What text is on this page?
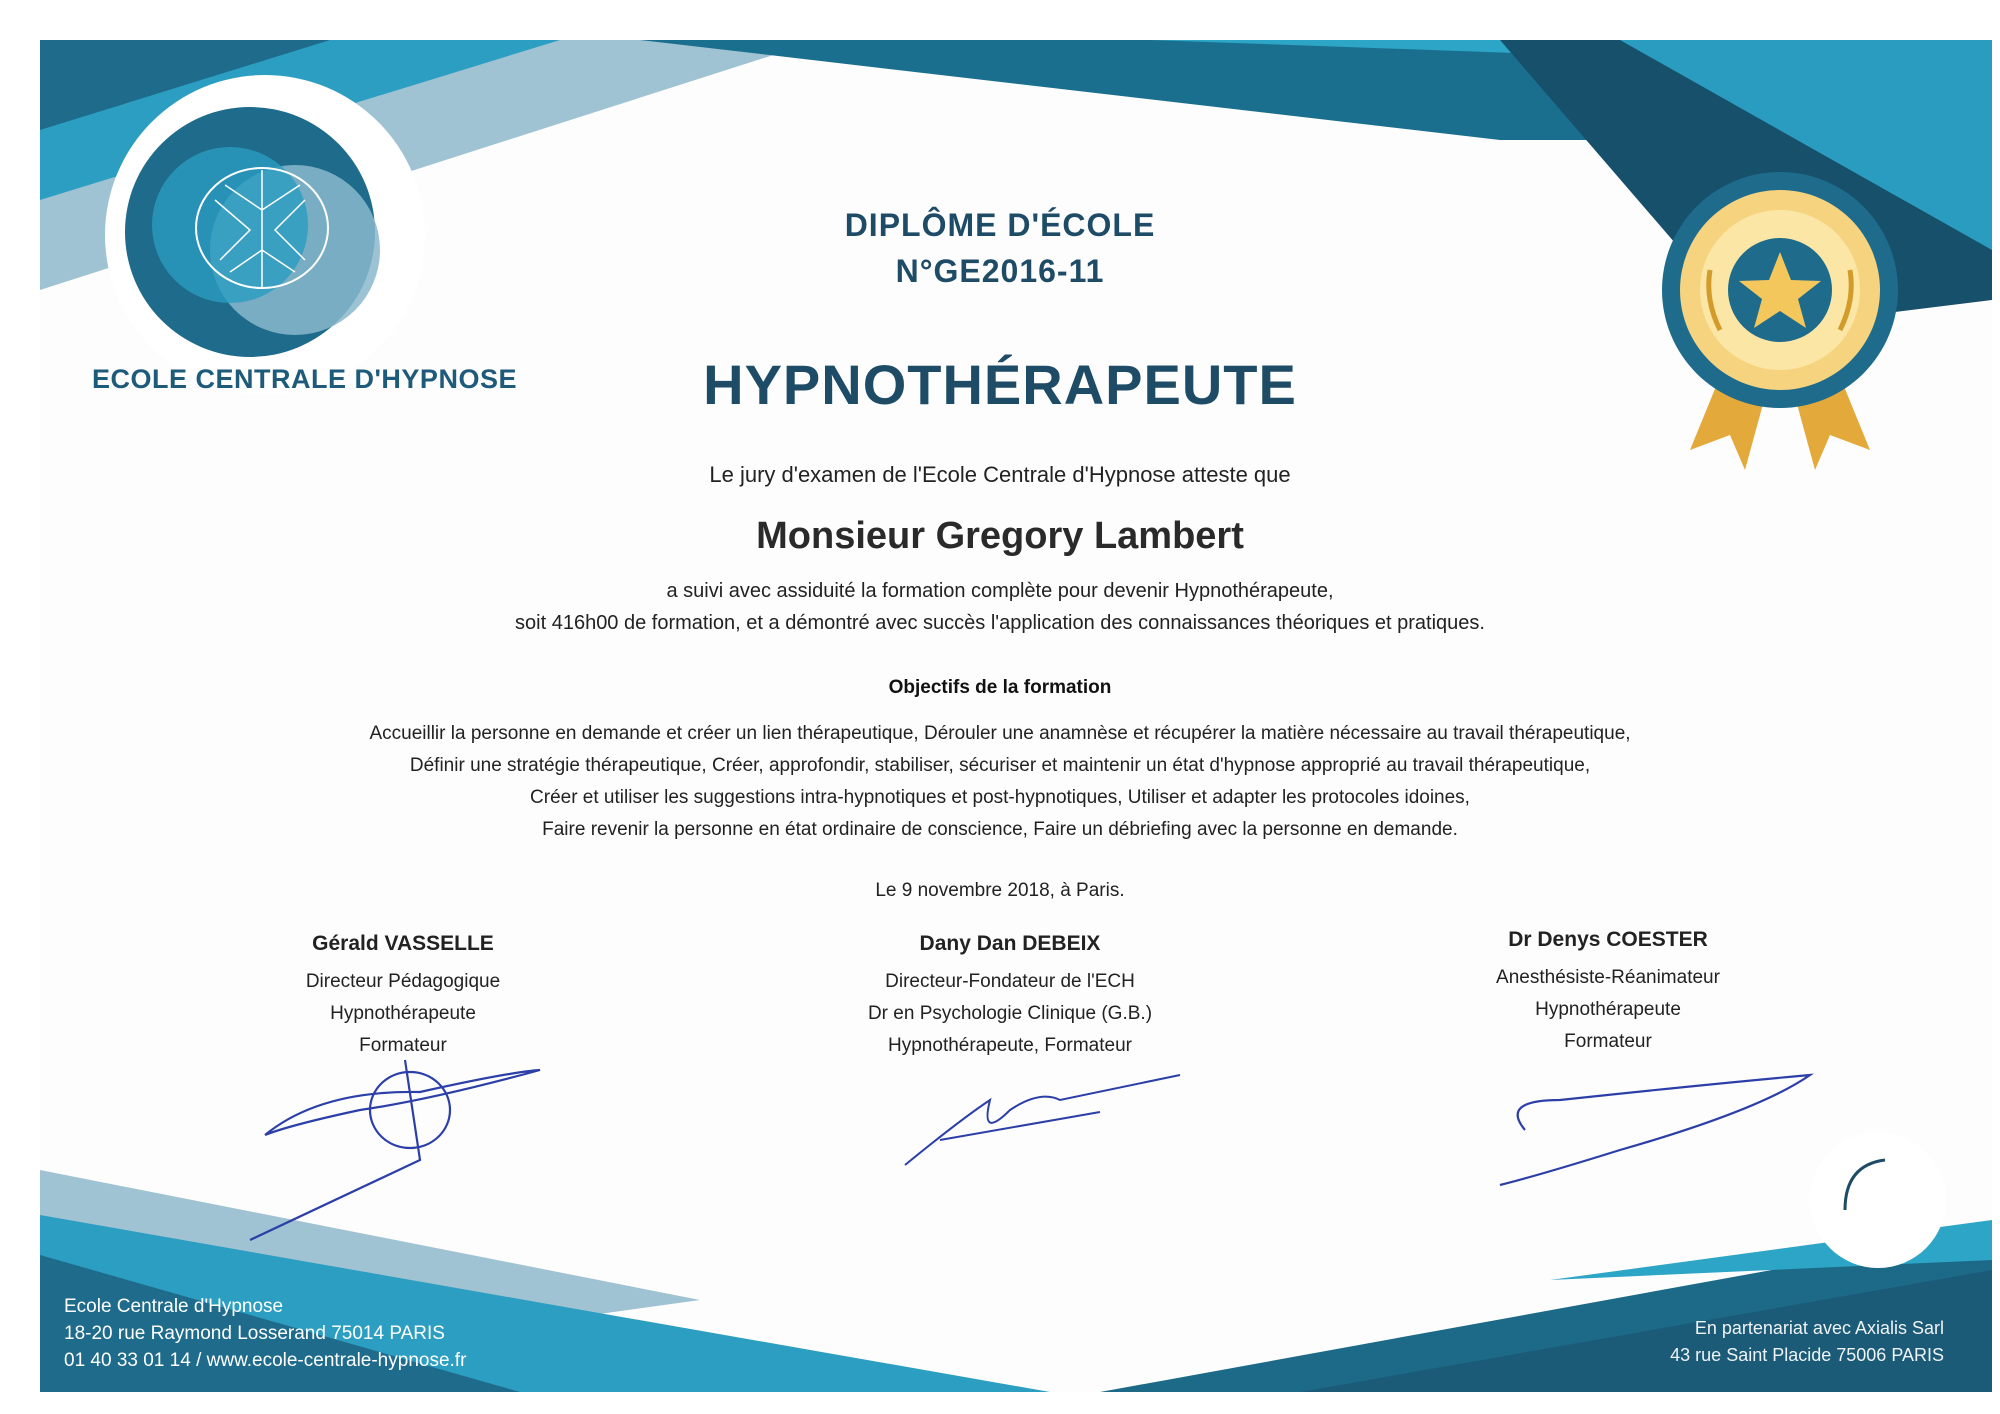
ECOLE CENTRALE D'HYPNOSE
DIPLÔME D'ÉCOLE
N°GE2016-11
HYPNOTHÉRAPEUTE
Le jury d'examen de l'Ecole Centrale d'Hypnose atteste que
Monsieur Gregory Lambert
a suivi avec assiduité la formation complète pour devenir Hypnothérapeute,
soit 416h00 de formation, et a démontré avec succès l'application des connaissances théoriques et pratiques.
Objectifs de la formation
Accueillir la personne en demande et créer un lien thérapeutique, Dérouler une anamnèse et récupérer la matière nécessaire au travail thérapeutique,
Définir une stratégie thérapeutique, Créer, approfondir, stabiliser, sécuriser et maintenir un état d'hypnose approprié au travail thérapeutique,
Créer et utiliser les suggestions intra-hypnotiques et post-hypnotiques, Utiliser et adapter les protocoles idoines,
Faire revenir la personne en état ordinaire de conscience, Faire un débriefing avec la personne en demande.
Le 9 novembre 2018, à Paris.
Gérald VASSELLE
Directeur Pédagogique
Hypnothérapeute
Formateur
Dany Dan DEBEIX
Directeur-Fondateur de l'ECH
Dr en Psychologie Clinique (G.B.)
Hypnothérapeute, Formateur
Dr Denys COESTER
Anesthésiste-Réanimateur
Hypnothérapeute
Formateur
Ecole Centrale d'Hypnose
18-20 rue Raymond Losserand 75014 PARIS
01 40 33 01 14 / www.ecole-centrale-hypnose.fr
En partenariat avec Axialis Sarl
43 rue Saint Placide 75006 PARIS
